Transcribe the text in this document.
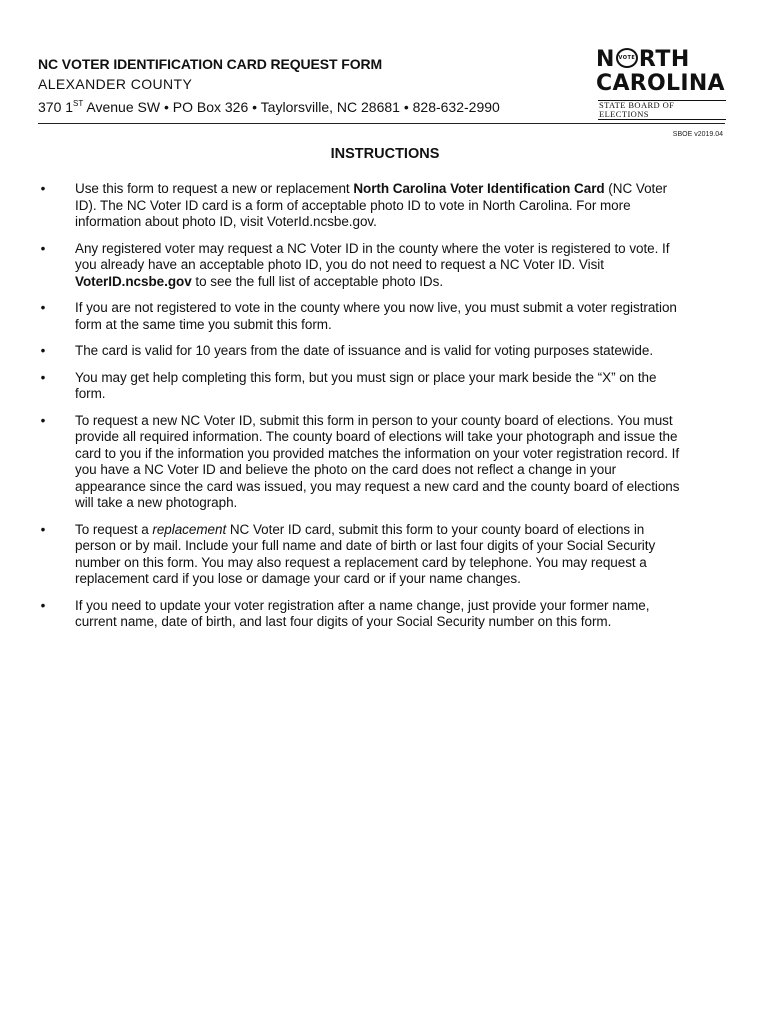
NC VOTER IDENTIFICATION CARD REQUEST FORM
ALEXANDER COUNTY
370 1ST Avenue SW • PO Box 326 • Taylorsville, NC 28681 • 828-632-2990
N VOTE RTH
CAROLINA
STATE BOARD OF ELECTIONS
SBOE v2019.04
INSTRUCTIONS
• Use this form to request a new or replacement North Carolina Voter Identification Card (NC Voter ID). The NC Voter ID card is a form of acceptable photo ID to vote in North Carolina. For more information about photo ID, visit VoterId.ncsbe.gov.
• Any registered voter may request a NC Voter ID in the county where the voter is registered to vote. If you already have an acceptable photo ID, you do not need to request a NC Voter ID. Visit VoterID.ncsbe.gov to see the full list of acceptable photo IDs.
• If you are not registered to vote in the county where you now live, you must submit a voter registration form at the same time you submit this form.
• The card is valid for 10 years from the date of issuance and is valid for voting purposes statewide.
• You may get help completing this form, but you must sign or place your mark beside the “X” on the form.
• To request a new NC Voter ID, submit this form in person to your county board of elections. You must provide all required information. The county board of elections will take your photograph and issue the card to you if the information you provided matches the information on your voter registration record. If you have a NC Voter ID and believe the photo on the card does not reflect a change in your appearance since the card was issued, you may request a new card and the county board of elections will take a new photograph.
• To request a replacement NC Voter ID card, submit this form to your county board of elections in person or by mail. Include your full name and date of birth or last four digits of your Social Security number on this form. You may also request a replacement card by telephone. You may request a replacement card if you lose or damage your card or if your name changes.
• If you need to update your voter registration after a name change, just provide your former name, current name, date of birth, and last four digits of your Social Security number on this form.
